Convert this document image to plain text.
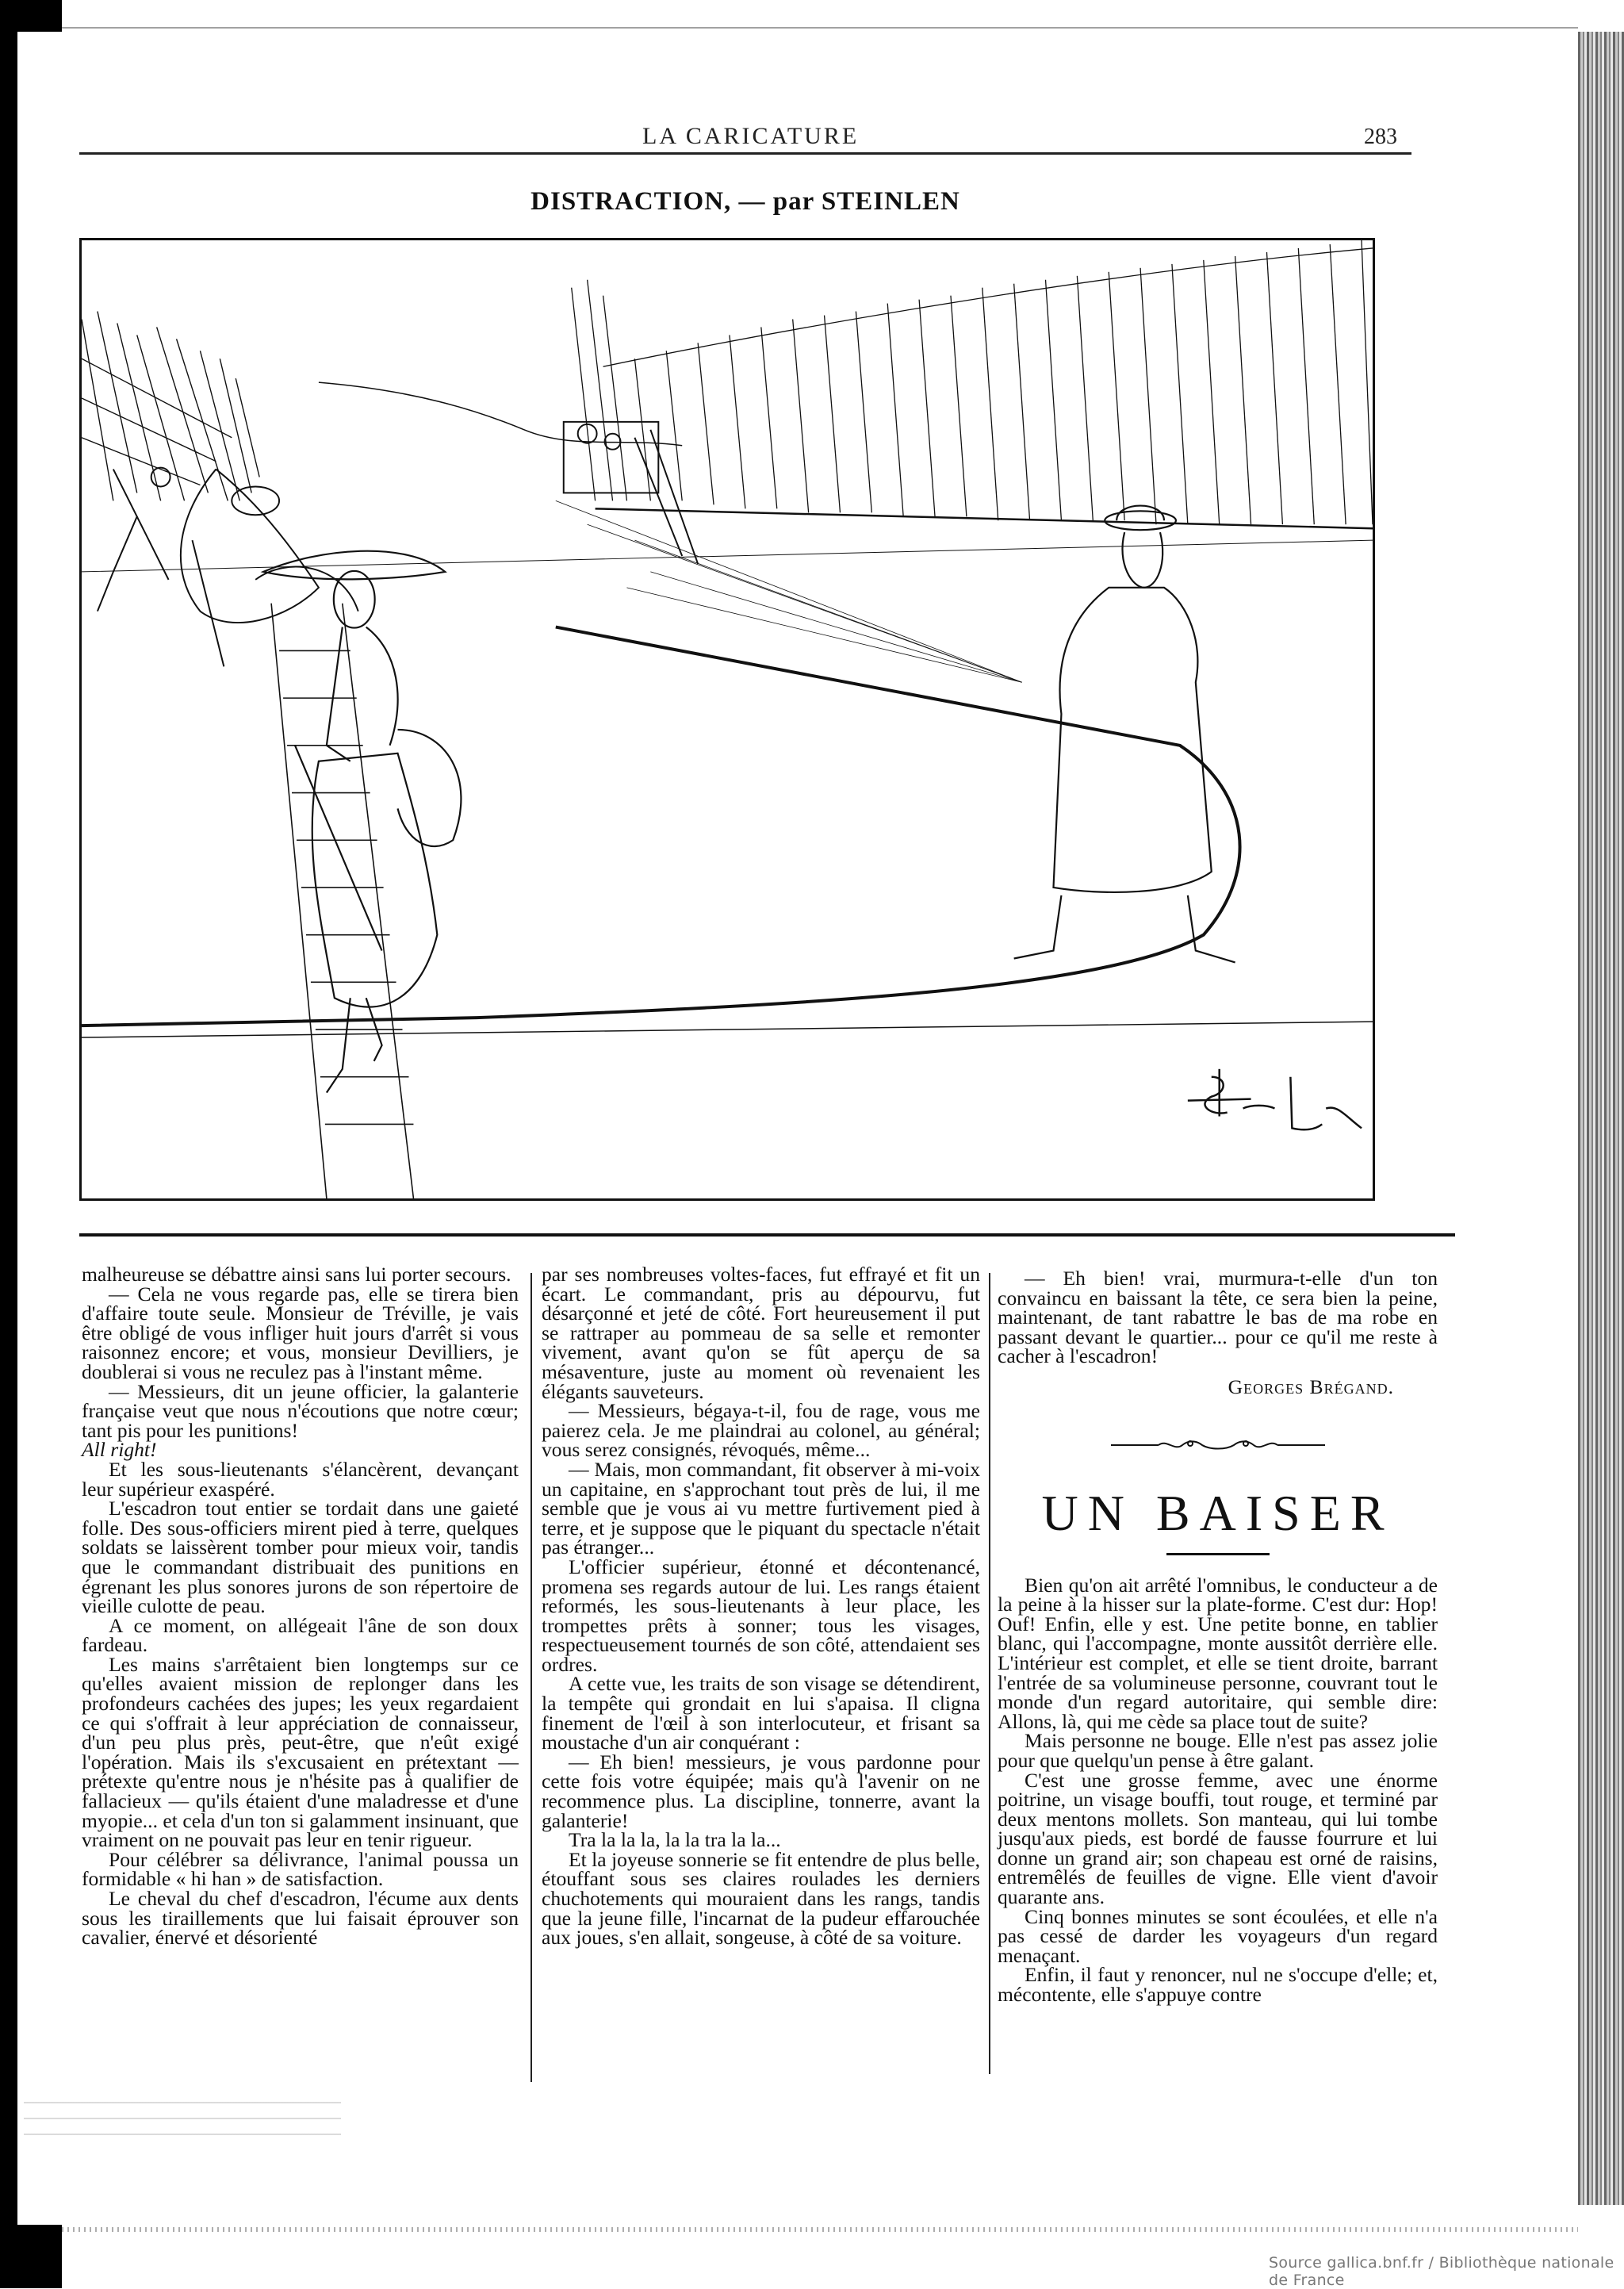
LA CARICATURE	283
DISTRACTION, — par STEINLEN

malheureuse se débattre ainsi sans lui porter secours.

— Cela ne vous regarde pas, elle se tirera bien d'affaire toute seule. Monsieur de Tréville, je vais être obligé de vous infliger huit jours d'arrêt si vous raisonnez encore; et vous, monsieur Devilliers, je doublerai si vous ne reculez pas à l'instant même.

— Messieurs, dit un jeune officier, la galanterie française veut que nous n'écoutions que notre cœur; tant pis pour les punitions!

All right!

Et les sous-lieutenants s'élancèrent, devançant leur supérieur exaspéré.

L'escadron tout entier se tordait dans une gaieté folle. Des sous-officiers mirent pied à terre, quelques soldats se laissèrent tomber pour mieux voir, tandis que le commandant distribuait des punitions en égrenant les plus sonores jurons de son répertoire de vieille culotte de peau.

A ce moment, on allégeait l'âne de son doux fardeau.

Les mains s'arrêtaient bien longtemps sur ce qu'elles avaient mission de replonger dans les profondeurs cachées des jupes; les yeux regardaient ce qui s'offrait à leur appréciation de connaisseur, d'un peu plus près, peut-être, que n'eût exigé l'opération. Mais ils s'excusaient en prétextant — prétexte qu'entre nous je n'hésite pas à qualifier de fallacieux — qu'ils étaient d'une maladresse et d'une myopie... et cela d'un ton si galamment insinuant, que vraiment on ne pouvait pas leur en tenir rigueur.

Pour célébrer sa délivrance, l'animal poussa un formidable « hi han » de satisfaction.

Le cheval du chef d'escadron, l'écume aux dents sous les tiraillements que lui faisait éprouver son cavalier, énervé et désorienté

par ses nombreuses voltes-faces, fut effrayé et fit un écart. Le commandant, pris au dépourvu, fut désarçonné et jeté de côté. Fort heureusement il put se rattraper au pommeau de sa selle et remonter vivement, avant qu'on se fût aperçu de sa mésaventure, juste au moment où revenaient les élégants sauveteurs.

— Messieurs, bégaya-t-il, fou de rage, vous me paierez cela. Je me plaindrai au colonel, au général; vous serez consignés, révoqués, même...

— Mais, mon commandant, fit observer à mi-voix un capitaine, en s'approchant tout près de lui, il me semble que je vous ai vu mettre furtivement pied à terre, et je suppose que le piquant du spectacle n'était pas étranger...

L'officier supérieur, étonné et décontenancé, promena ses regards autour de lui. Les rangs étaient reformés, les sous-lieutenants à leur place, les trompettes prêts à sonner; tous les visages, respectueusement tournés de son côté, attendaient ses ordres.

A cette vue, les traits de son visage se détendirent, la tempête qui grondait en lui s'apaisa. Il cligna finement de l'œil à son interlocuteur, et frisant sa moustache d'un air conquérant :

— Eh bien! messieurs, je vous pardonne pour cette fois votre équipée; mais qu'à l'avenir on ne recommence plus. La discipline, tonnerre, avant la galanterie!

Tra la la la, la la tra la la...

Et la joyeuse sonnerie se fit entendre de plus belle, étouffant sous ses claires roulades les derniers chuchotements qui mouraient dans les rangs, tandis que la jeune fille, l'incarnat de la pudeur effarouchée aux joues, s'en allait, songeuse, à côté de sa voiture.

— Eh bien! vrai, murmura-t-elle d'un ton convaincu en baissant la tête, ce sera bien la peine, maintenant, de tant rabattre le bas de ma robe en passant devant le quartier... pour ce qu'il me reste à cacher à l'escadron!

Georges Brégand.

UN BAISER

Bien qu'on ait arrêté l'omnibus, le conducteur a de la peine à la hisser sur la plate-forme. C'est dur: Hop! Ouf! Enfin, elle y est. Une petite bonne, en tablier blanc, qui l'accompagne, monte aussitôt derrière elle. L'intérieur est complet, et elle se tient droite, barrant l'entrée de sa volumineuse personne, couvrant tout le monde d'un regard autoritaire, qui semble dire: Allons, là, qui me cède sa place tout de suite?

Mais personne ne bouge. Elle n'est pas assez jolie pour que quelqu'un pense à être galant.

C'est une grosse femme, avec une énorme poitrine, un visage bouffi, tout rouge, et terminé par deux mentons mollets. Son manteau, qui lui tombe jusqu'aux pieds, est bordé de fausse fourrure et lui donne un grand air; son chapeau est orné de raisins, entremêlés de feuilles de vigne. Elle vient d'avoir quarante ans.

Cinq bonnes minutes se sont écoulées, et elle n'a pas cessé de darder les voyageurs d'un regard menaçant.

Enfin, il faut y renoncer, nul ne s'occupe d'elle; et, mécontente, elle s'appuye contre

Source gallica.bnf.fr / Bibliothèque nationale de France
